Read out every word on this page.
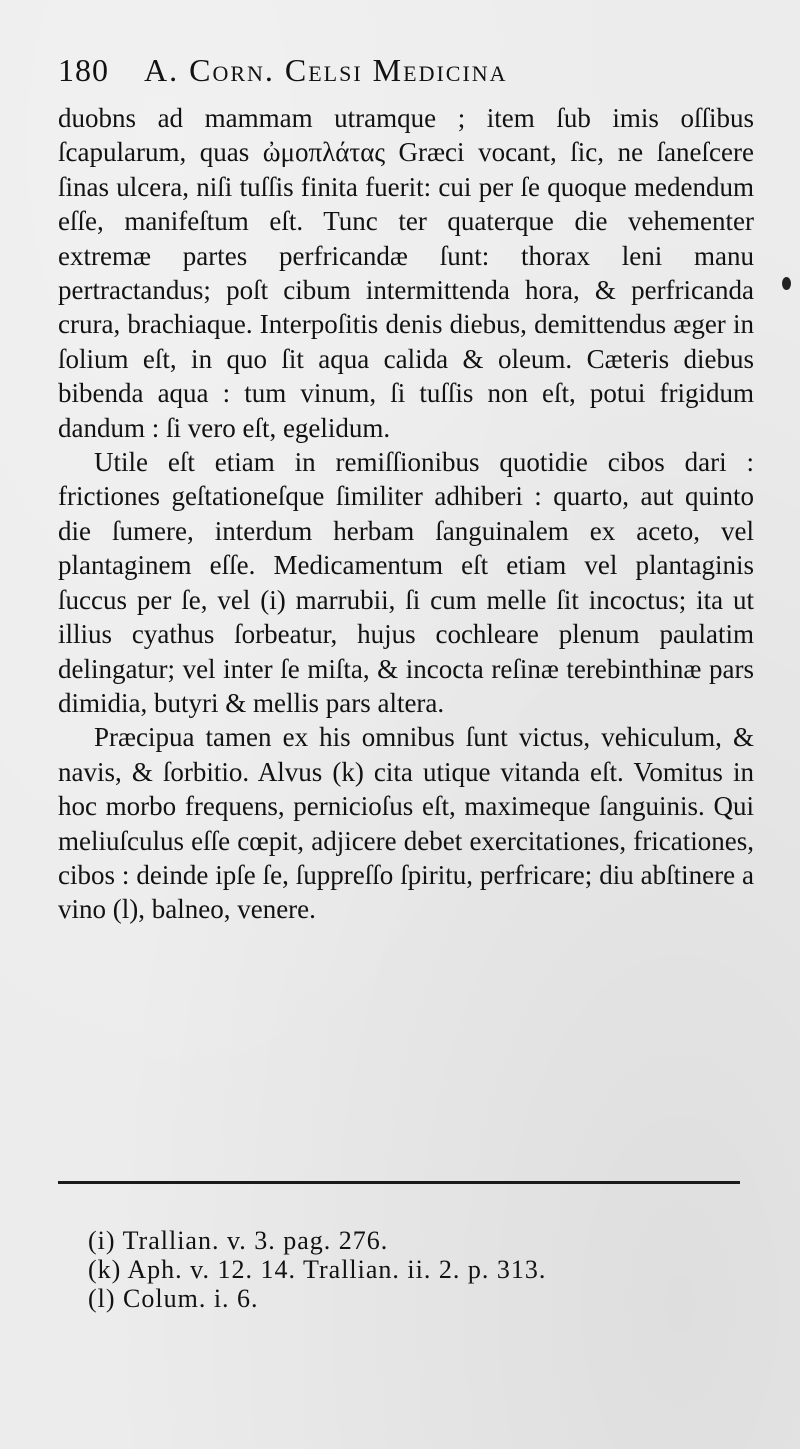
180 A. Corn. Celsi Medicina

duobns ad mammam utramque ; item ſub imis oſſibus ſcapularum, quas ὠμοπλάτας Græci vocant, ſic, ne ſaneſcere ſinas ulcera, niſi tuſſis finita fuerit: cui per ſe quoque medendum eſſe, manifeſtum eſt. Tunc ter quaterque die vehementer extremæ partes perfricandæ ſunt: thorax leni manu pertractandus; poſt cibum intermittenda hora, & perfricanda crura, brachiaque. Interpoſitis denis diebus, demittendus æger in ſolium eſt, in quo ſit aqua calida & oleum. Cæteris diebus bibenda aqua : tum vinum, ſi tuſſis non eſt, potui frigidum dandum : ſi vero eſt, egelidum.

Utile eſt etiam in remiſſionibus quotidie cibos dari : frictiones geſtationeſque ſimiliter adhiberi : quarto, aut quinto die ſumere, interdum herbam ſanguinalem ex aceto, vel plantaginem eſſe. Medicamentum eſt etiam vel plantaginis ſuccus per ſe, vel (i) marrubii, ſi cum melle ſit incoctus; ita ut illius cyathus ſorbeatur, hujus cochleare plenum paulatim delingatur; vel inter ſe miſta, & incocta reſinæ terebinthinæ pars dimidia, butyri & mellis pars altera.

Præcipua tamen ex his omnibus ſunt victus, vehiculum, & navis, & ſorbitio. Alvus (k) cita utique vitanda eſt. Vomitus in hoc morbo frequens, pernicioſus eſt, maximeque ſanguinis. Qui meliuſculus eſſe cœpit, adjicere debet exercitationes, fricationes, cibos : deinde ipſe ſe, ſuppreſſo ſpiritu, perfricare; diu abſtinere a vino (l), balneo, venere.

(i) Trallian. v. 3. pag. 276.
(k) Aph. v. 12. 14. Trallian. ii. 2. p. 313.
(l) Colum. i. 6.
